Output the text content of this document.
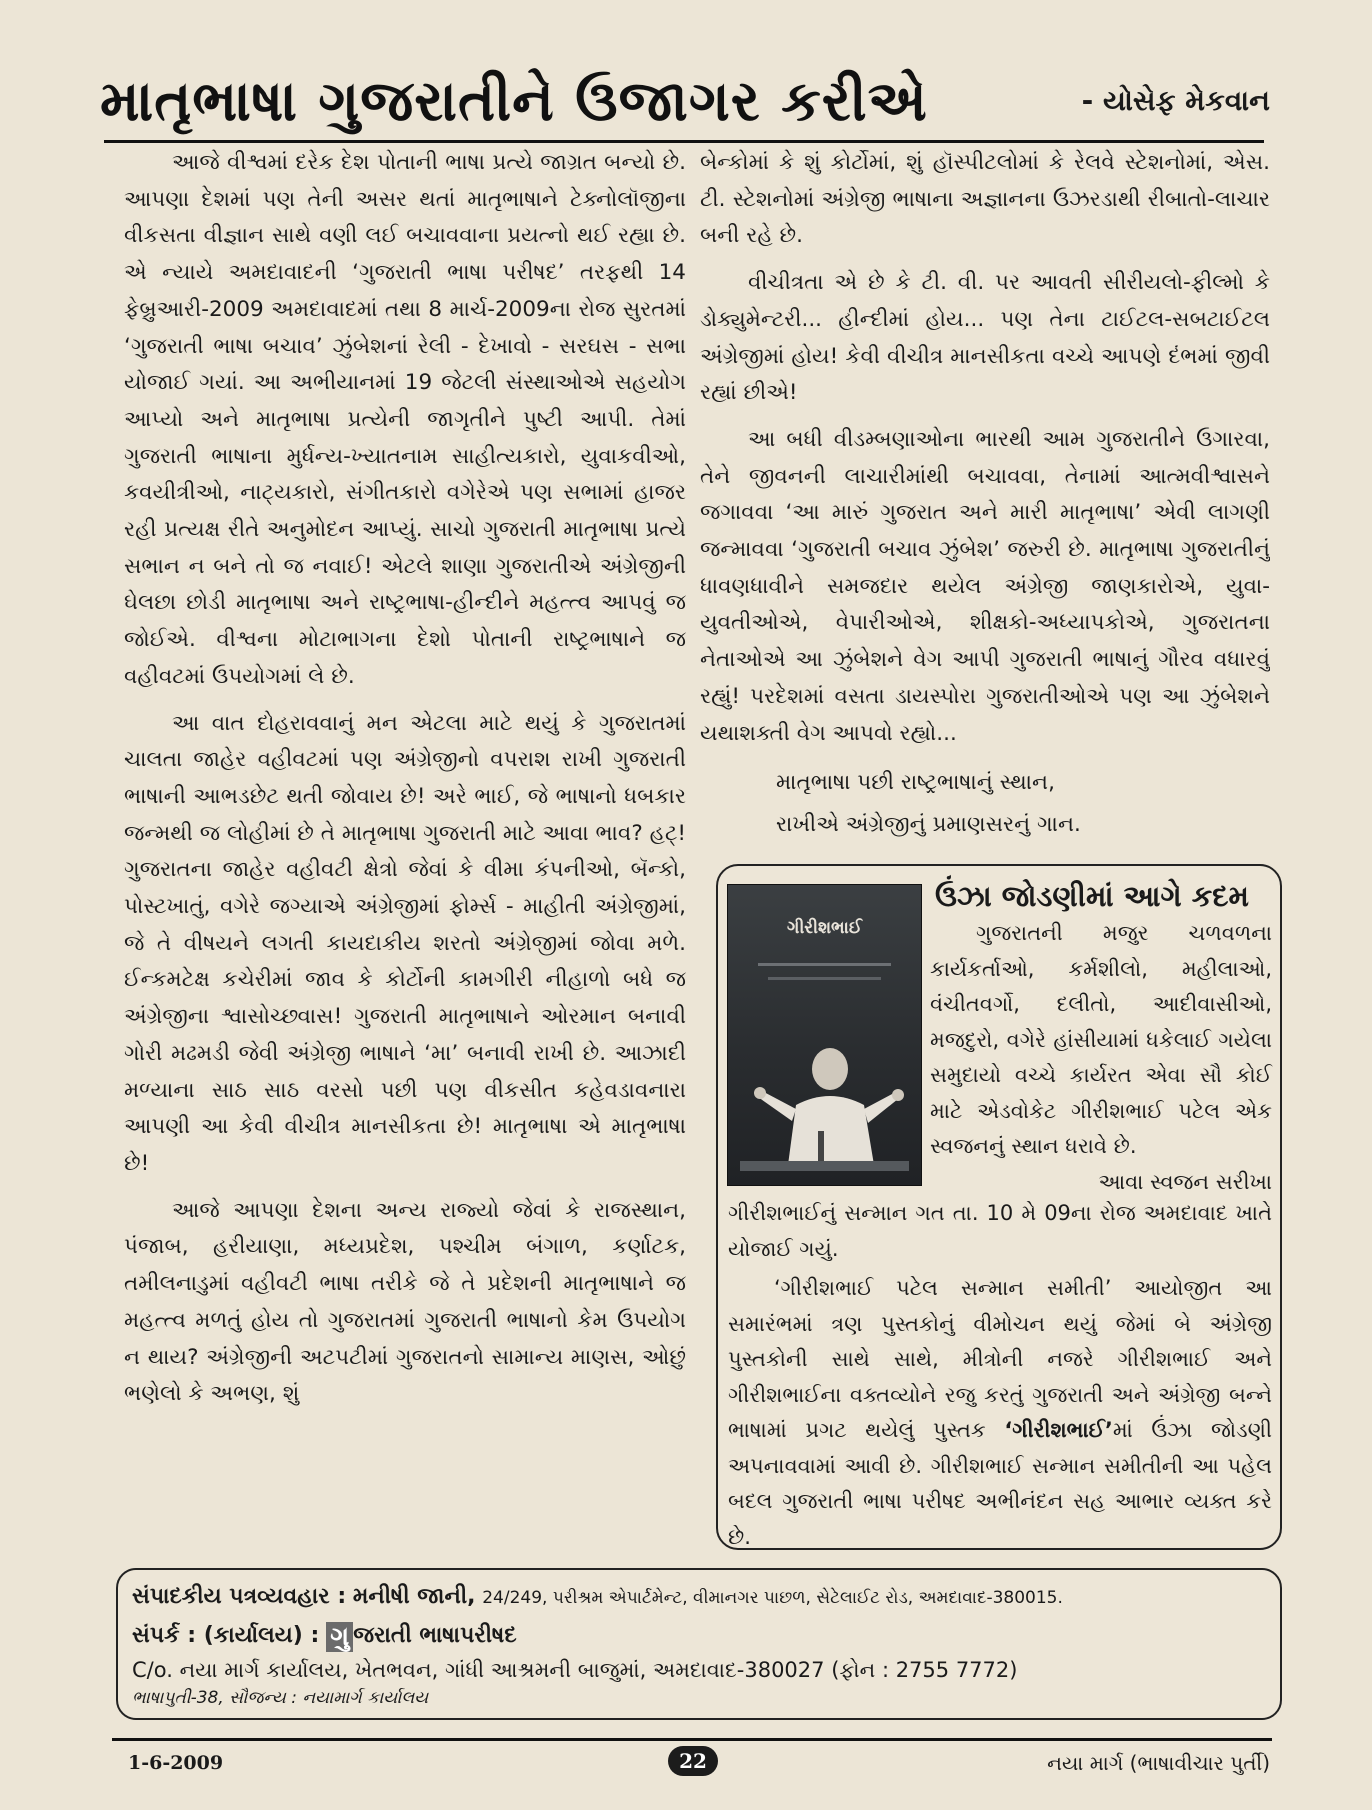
માતૃભાષા ગુજરાતીને ઉજાગર કરીએ	- યોસેફ મેકવાન

આજે વીશ્વમાં દરેક દેશ પોતાની ભાષા પ્રત્યે જાગ્રત બન્યો છે. આપણા દેશમાં પણ તેની અસર થતાં માતૃભાષાને ટેક્નોલૉજીના વીકસતા વીજ્ઞાન સાથે વણી લઈ બચાવવાના પ્રયત્નો થઈ રહ્યા છે. એ ન્યાયે અમદાવાદની ‘ગુજરાતી ભાષા પરીષદ’ તરફથી 14 ફેબ્રુઆરી-2009 અમદાવાદમાં તથા 8 માર્ચ-2009ના રોજ સુરતમાં ‘ગુજરાતી ભાષા બચાવ’ ઝુંબેશનાં રેલી - દેખાવો - સરઘસ - સભા યોજાઈ ગયાં. આ અભીયાનમાં 19 જેટલી સંસ્થાઓએ સહયોગ આપ્યો અને માતૃભાષા પ્રત્યેની જાગૃતીને પુષ્ટી આપી. તેમાં ગુજરાતી ભાષાના મુર્ધન્ય-ખ્યાતનામ સાહીત્યકારો, યુવાકવીઓ, કવયીત્રીઓ, નાટ્યકારો, સંગીતકારો વગેરેએ પણ સભામાં હાજર રહી પ્રત્યક્ષ રીતે અનુમોદન આપ્યું. સાચો ગુજરાતી માતૃભાષા પ્રત્યે સભાન ન બને તો જ નવાઈ! એટલે શાણા ગુજરાતીએ અંગ્રેજીની ઘેલછા છોડી માતૃભાષા અને રાષ્ટ્રભાષા-હીન્દીને મહત્ત્વ આપવું જ જોઈએ. વીશ્વના મોટાભાગના દેશો પોતાની રાષ્ટ્રભાષાને જ વહીવટમાં ઉપયોગમાં લે છે.

આ વાત દોહરાવવાનું મન એટલા માટે થયું કે ગુજરાતમાં ચાલતા જાહેર વહીવટમાં પણ અંગ્રેજીનો વપરાશ રાખી ગુજરાતી ભાષાની આભડછેટ થતી જોવાય છે! અરે ભાઈ, જે ભાષાનો ધબકાર જન્મથી જ લોહીમાં છે તે માતૃભાષા ગુજરાતી માટે આવા ભાવ? હટ્! ગુજરાતના જાહેર વહીવટી ક્ષેત્રો જેવાં કે વીમા કંપનીઓ, બૅન્કો, પોસ્ટખાતું, વગેરે જગ્યાએ અંગ્રેજીમાં ફોર્મ્સ - માહીતી અંગ્રેજીમાં, જે તે વીષયને લગતી કાયદાકીય શરતો અંગ્રેજીમાં જોવા મળે. ઈન્કમટેક્ષ કચેરીમાં જાવ કે કોર્ટોની કામગીરી નીહાળો બધે જ અંગ્રેજીના શ્વાસોચ્છ્વાસ! ગુજરાતી માતૃભાષાને ઓરમાન બનાવી ગોરી મઢમડી જેવી અંગ્રેજી ભાષાને ‘મા’ બનાવી રાખી છે. આઝાદી મળ્યાના સાઠ સાઠ વરસો પછી પણ વીકસીત કહેવડાવનારા આપણી આ કેવી વીચીત્ર માનસીકતા છે! માતૃભાષા એ માતૃભાષા છે!

આજે આપણા દેશના અન્ય રાજ્યો જેવાં કે રાજસ્થાન, પંજાબ, હરીયાણા, મધ્યપ્રદેશ, પશ્ચીમ બંગાળ, કર્ણાટક, તમીલનાડુમાં વહીવટી ભાષા તરીકે જે તે પ્રદેશની માતૃભાષાને જ મહત્ત્વ મળતું હોય તો ગુજરાતમાં ગુજરાતી ભાષાનો કેમ ઉપયોગ ન થાય? અંગ્રેજીની અટપટીમાં ગુજરાતનો સામાન્ય માણસ, ઓછું ભણેલો કે અભણ, શું

બેન્કોમાં કે શું કોર્ટોમાં, શું હૉસ્પીટલોમાં કે રેલવે સ્ટેશનોમાં, એસ. ટી. સ્ટેશનોમાં અંગ્રેજી ભાષાના અજ્ઞાનના ઉઝરડાથી રીબાતો-લાચાર બની રહે છે.

વીચીત્રતા એ છે કે ટી. વી. પર આવતી સીરીયલો-ફીલ્મો કે ડોક્યુમેન્ટરી... હીન્દીમાં હોય... પણ તેના ટાઈટલ-સબટાઈટલ અંગ્રેજીમાં હોય! કેવી વીચીત્ર માનસીકતા વચ્ચે આપણે દંભમાં જીવી રહ્યાં છીએ!

આ બધી વીડમ્બણાઓના ભારથી આમ ગુજરાતીને ઉગારવા, તેને જીવનની લાચારીમાંથી બચાવવા, તેનામાં આત્મવીશ્વાસને જગાવવા ‘આ મારું ગુજરાત અને મારી માતૃભાષા’ એવી લાગણી જન્માવવા ‘ગુજરાતી બચાવ ઝુંબેશ’ જરુરી છે. માતૃભાષા ગુજરાતીનું ધાવણધાવીને સમજદાર થયેલ અંગ્રેજી જાણકારોએ, યુવા-યુવતીઓએ, વેપારીઓએ, શીક્ષકો-અધ્યાપકોએ, ગુજરાતના નેતાઓએ આ ઝુંબેશને વેગ આપી ગુજરાતી ભાષાનું ગૌરવ વધારવું રહ્યું! પરદેશમાં વસતા ડાયસ્પોરા ગુજરાતીઓએ પણ આ ઝુંબેશને યથાશક્તી વેગ આપવો રહ્યો...

માતૃભાષા પછી રાષ્ટ્રભાષાનું સ્થાન,
રાખીએ અંગ્રેજીનું પ્રમાણસરનું ગાન.
ઉંઝા જોડણીમાં આગે કદમ
ગીરીશભાઈ	ગુજરાતની મજુર ચળવળના કાર્યકર્તાઓ, કર્મશીલો, મહીલાઓ, વંચીતવર્ગો, દલીતો, આદીવાસીઓ, મજદુરો, વગેરે હાંસીયામાં ધકેલાઈ ગયેલા સમુદાયો વચ્ચે કાર્યરત એવા સૌ કોઈ માટે એડવોકેટ ગીરીશભાઈ પટેલ એક સ્વજનનું સ્થાન ધરાવે છે.

આવા સ્વજન સરીખા

ગીરીશભાઈનું સન્માન ગત તા. 10 મે 09ના રોજ અમદાવાદ ખાતે યોજાઈ ગયું.

‘ગીરીશભાઈ પટેલ સન્માન સમીતી’ આયોજીત આ સમારંભમાં ત્રણ પુસ્તકોનું વીમોચન થયું જેમાં બે અંગ્રેજી પુસ્તકોની સાથે સાથે, મીત્રોની નજરે ગીરીશભાઈ અને ગીરીશભાઈના વક્તવ્યોને રજુ કરતું ગુજરાતી અને અંગ્રેજી બન્ને ભાષામાં પ્રગટ થયેલું પુસ્તક ‘ગીરીશભાઈ’માં ઉંઝા જોડણી અપનાવવામાં આવી છે. ગીરીશભાઈ સન્માન સમીતીની આ પહેલ બદલ ગુજરાતી ભાષા પરીષદ અભીનંદન સહ આભાર વ્યક્ત કરે છે.

સંપાદકીય પત્રવ્યવહાર : મનીષી જાની, 24/249, પરીશ્રમ એપાર્ટમેન્ટ, વીમાનગર પાછળ, સેટેલાઈટ રોડ, અમદાવાદ-380015.
સંપર્ક : (કાર્યાલય) : ગુ જરાતી ભાષાપરીષદ
C/o. નયા માર્ગ કાર્યાલય, ખેતભવન, ગાંધી આશ્રમની બાજુમાં, અમદાવાદ-380027 (ફોન : 2755 7772)
ભાષાપુતી-38, સૌજન્ય : નયામાર્ગ કાર્યાલય
1-6-2009	22	નયા માર્ગ (ભાષાવીચાર પુર્તી)
